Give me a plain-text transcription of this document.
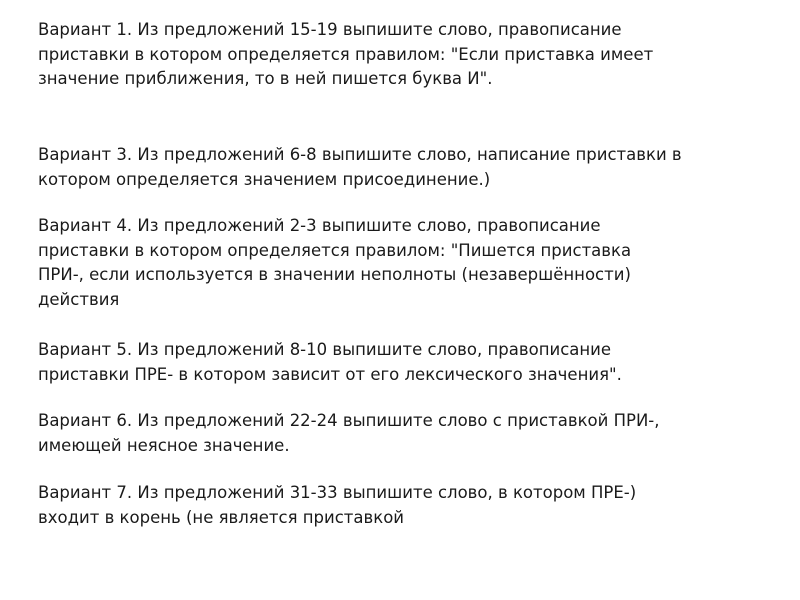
Вариант 1. Из предложений 15-19 выпишите слово, правописание
приставки в котором определяется правилом: "Если приставка имеет
значение приближения, то в ней пишется буква И".

Вариант 3. Из предложений 6-8 выпишите слово, написание приставки в
котором определяется значением присоединение.)

Вариант 4. Из предложений 2-3 выпишите слово, правописание
приставки в котором определяется правилом: "Пишется приставка
ПРИ-, если используется в значении неполноты (незавершённости)
действия

Вариант 5. Из предложений 8-10 выпишите слово, правописание
приставки ПРЕ- в котором зависит от его лексического значения".

Вариант 6. Из предложений 22-24 выпишите слово с приставкой ПРИ-,
имеющей неясное значение.

Вариант 7. Из предложений 31-33 выпишите слово, в котором ПРЕ-)
входит в корень (не является приставкой
